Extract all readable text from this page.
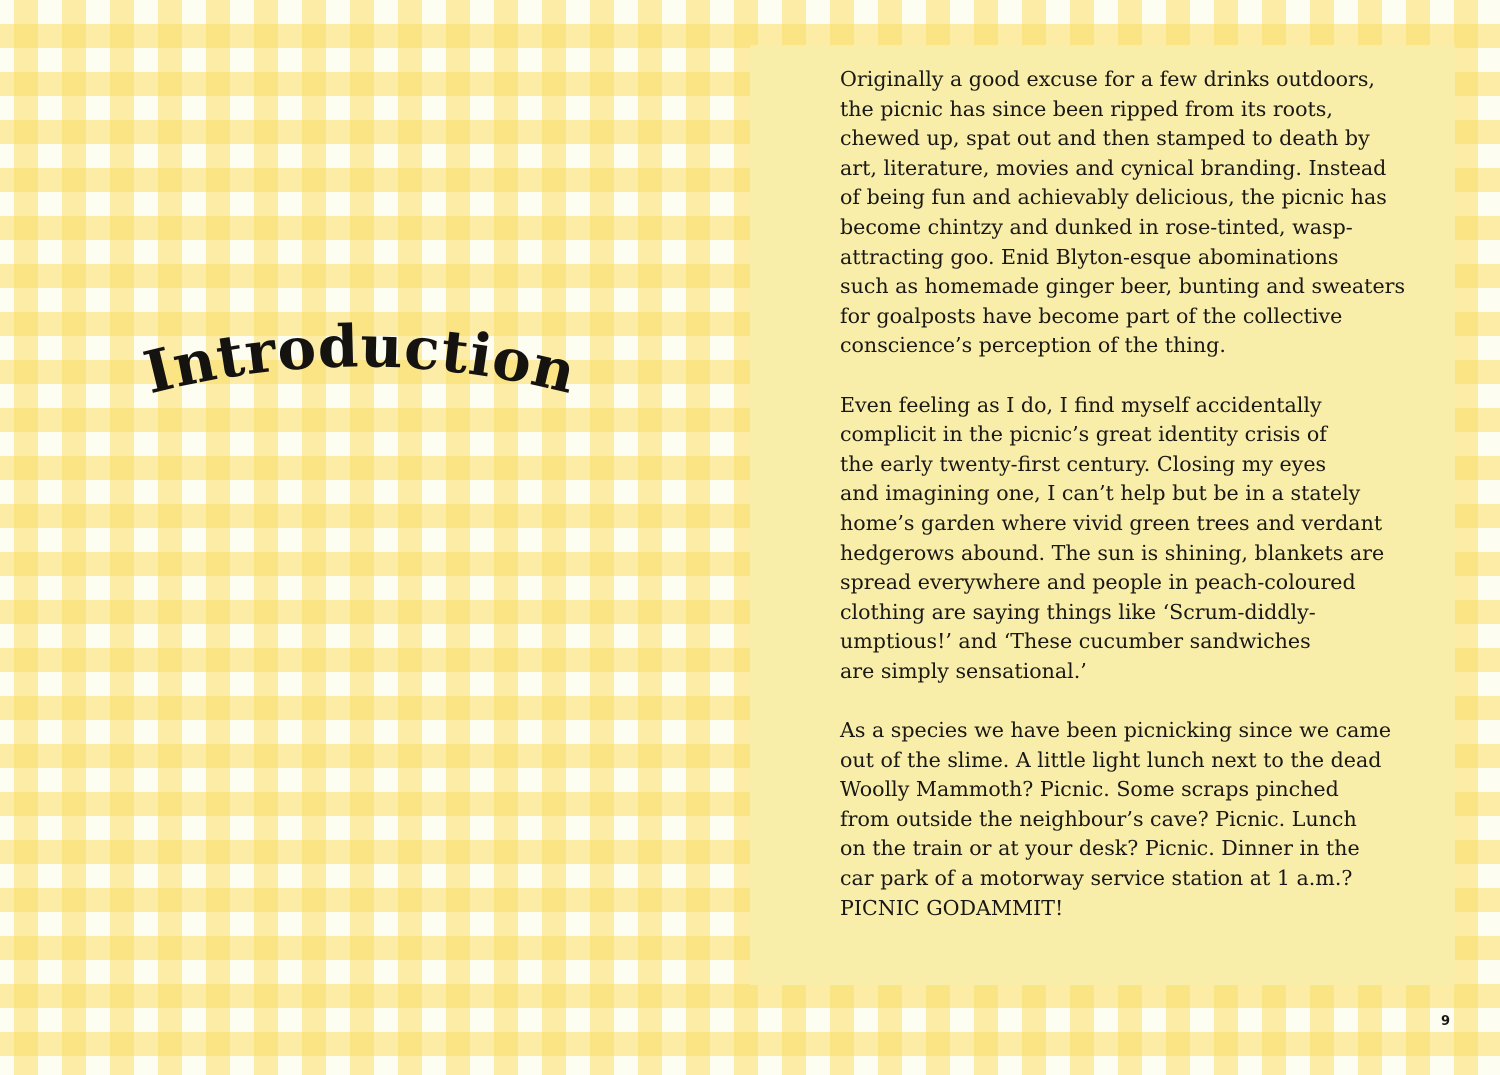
Introduction

Originally a good excuse for a few drinks outdoors,
the picnic has since been ripped from its roots,
chewed up, spat out and then stamped to death by
art, literature, movies and cynical branding. Instead
of being fun and achievably delicious, the picnic has
become chintzy and dunked in rose-tinted, wasp-
attracting goo. Enid Blyton-esque abominations
such as homemade ginger beer, bunting and sweaters
for goalposts have become part of the collective
conscience’s perception of the thing.

Even feeling as I do, I find myself accidentally
complicit in the picnic’s great identity crisis of
the early twenty-first century. Closing my eyes
and imagining one, I can’t help but be in a stately
home’s garden where vivid green trees and verdant
hedgerows abound. The sun is shining, blankets are
spread everywhere and people in peach-coloured
clothing are saying things like ‘Scrum-diddly-
umptious!’ and ‘These cucumber sandwiches
are simply sensational.’

As a species we have been picnicking since we came
out of the slime. A little light lunch next to the dead
Woolly Mammoth? Picnic. Some scraps pinched
from outside the neighbour’s cave? Picnic. Lunch
on the train or at your desk? Picnic. Dinner in the
car park of a motorway service station at 1 a.m.?
PICNIC GODAMMIT!

9
